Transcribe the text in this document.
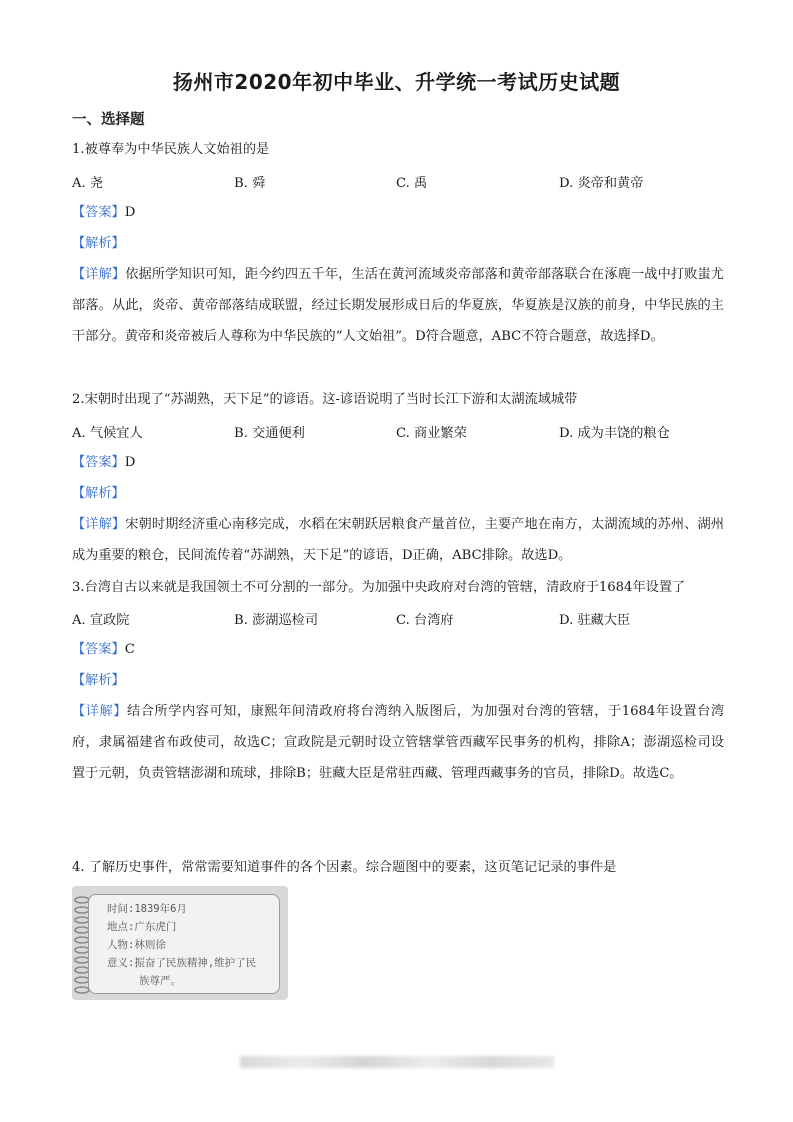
扬州市2020年初中毕业、升学统一考试历史试题
一、选择题
1.被尊奉为中华民族人文始祖的是
A. 尧	B. 舜	C. 禹	D. 炎帝和黄帝
【答案】D
【解析】
【详解】依据所学知识可知，距今约四五千年，生活在黄河流域炎帝部落和黄帝部落联合在涿鹿一战中打败蚩尤部落。从此，炎帝、黄帝部落结成联盟，经过长期发展形成日后的华夏族，华夏族是汉族的前身，中华民族的主干部分。黄帝和炎帝被后人尊称为中华民族的“人文始祖”。D符合题意，ABC不符合题意，故选择D。
2.宋朝时出现了“苏湖熟，天下足”的谚语。这-谚语说明了当时长江下游和太湖流域城带
A. 气候宜人	B. 交通便利	C. 商业繁荣	D. 成为丰饶的粮仓
【答案】D
【解析】
【详解】宋朝时期经济重心南移完成，水稻在宋朝跃居粮食产量首位，主要产地在南方，太湖流域的苏州、湖州成为重要的粮仓，民间流传着“苏湖熟，天下足”的谚语，D正确，ABC排除。故选D。
3.台湾自古以来就是我国领土不可分割的一部分。为加强中央政府对台湾的管辖，清政府于1684年设置了
A. 宣政院	B. 澎湖巡检司	C. 台湾府	D. 驻藏大臣
【答案】C
【解析】
【详解】结合所学内容可知，康熙年间清政府将台湾纳入版图后，为加强对台湾的管辖，于1684年设置台湾府，隶属福建省布政使司，故选C；宣政院是元朝时设立管辖掌管西藏军民事务的机构，排除A；澎湖巡检司设置于元朝，负责管辖澎湖和琉球，排除B；驻藏大臣是常驻西藏、管理西藏事务的官员，排除D。故选C。
4. 了解历史事件，常常需要知道事件的各个因素。综合题图中的要素，这页笔记记录的事件是
时间:1839年6月
地点:广东虎门
人物:林则徐
意义:振奋了民族精神,维护了民
族尊严。
